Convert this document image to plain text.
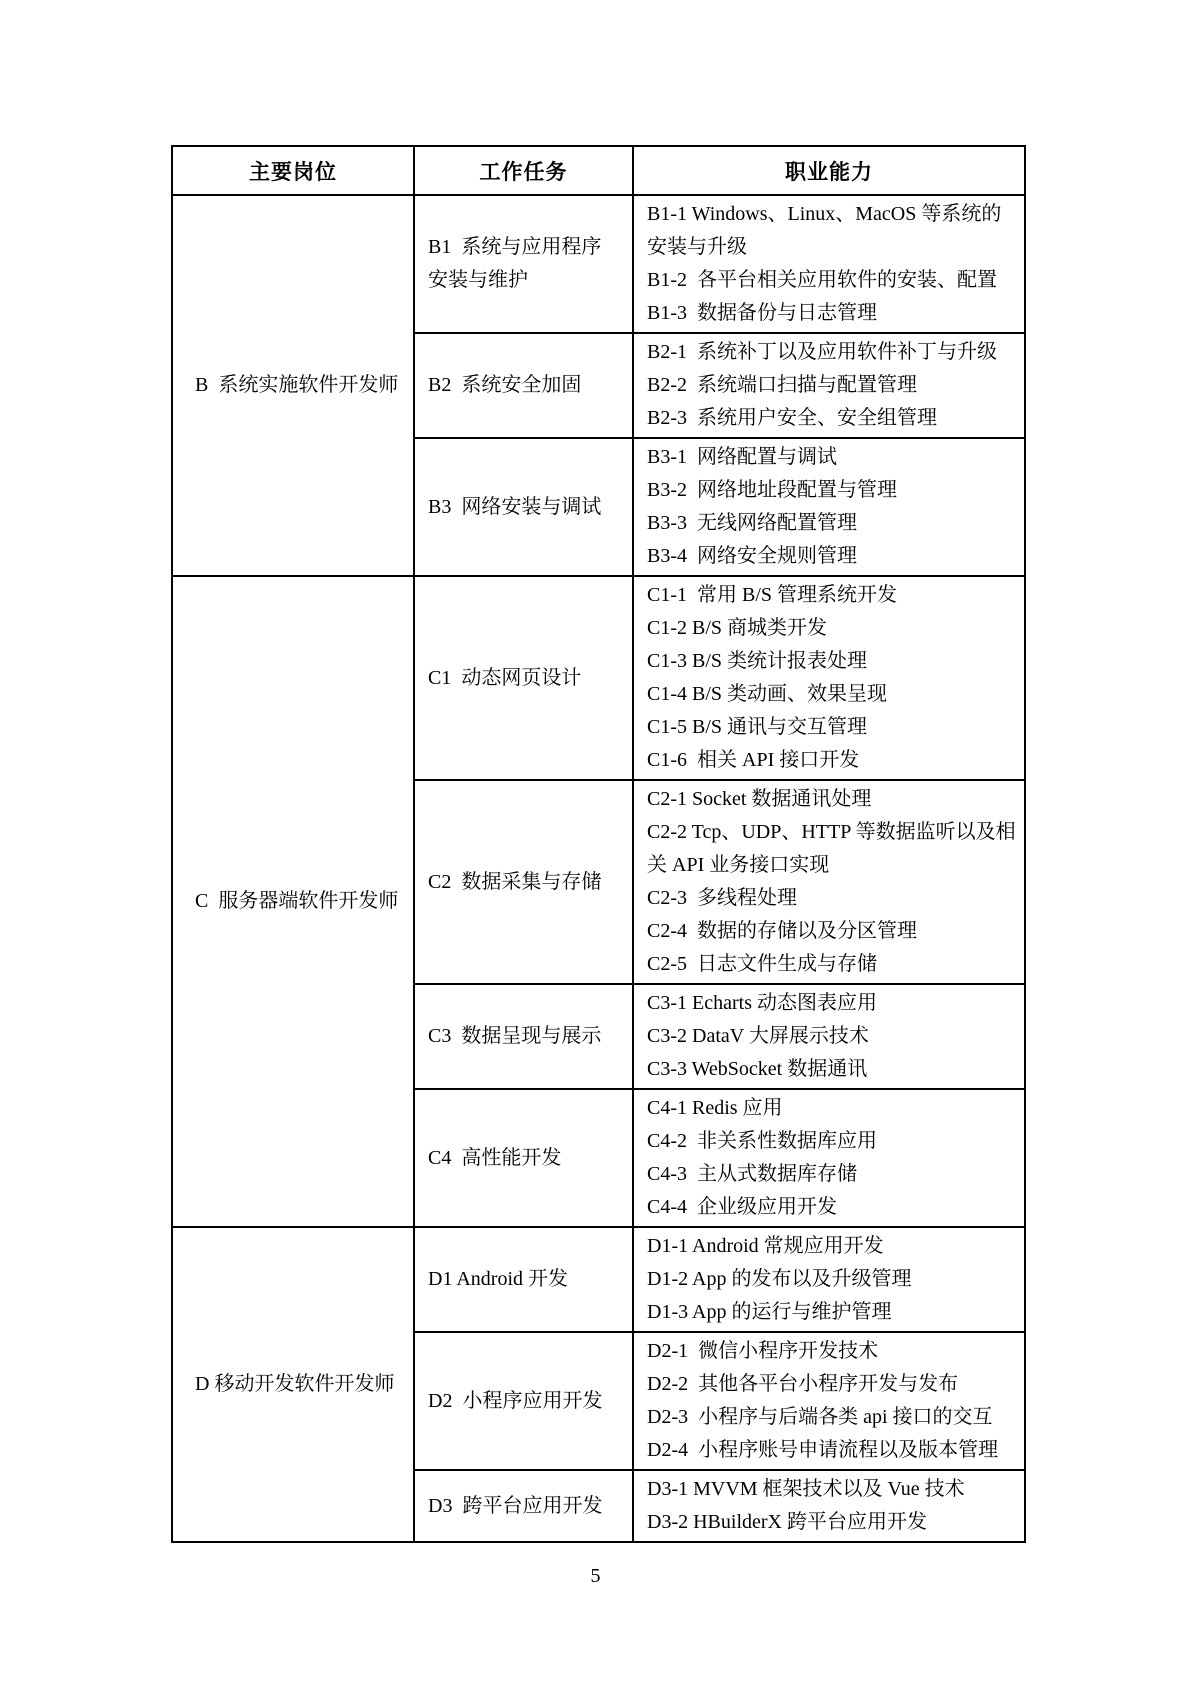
主要岗位	工作任务	职业能力
B  系统实施软件开发师	B1  系统与应用程序安装与维护	B1-1 Windows、Linux、MacOS 等系统的安装与升级
B1-2  各平台相关应用软件的安装、配置
B1-3  数据备份与日志管理

	B2  系统安全加固	B2-1  系统补丁以及应用软件补丁与升级
B2-2  系统端口扫描与配置管理
B2-3  系统用户安全、安全组管理

	B3  网络安装与调试	B3-1  网络配置与调试
B3-2  网络地址段配置与管理
B3-3  无线网络配置管理
B3-4  网络安全规则管理

C  服务器端软件开发师	C1  动态网页设计	
C1-1  常用 B/S 管理系统开发
C1-2 B/S 商城类开发
C1-3 B/S 类统计报表处理
C1-4 B/S 类动画、效果呈现
C1-5 B/S 通讯与交互管理
C1-6  相关 API 接口开发

	C2  数据采集与存储	C2-1 Socket 数据通讯处理
C2-2 Tcp、UDP、HTTP 等数据监听以及相关 API 业务接口实现
C2-3  多线程处理
C2-4  数据的存储以及分区管理
C2-5  日志文件生成与存储

	C3  数据呈现与展示	C3-1 Echarts 动态图表应用
C3-2 DataV 大屏展示技术
C3-3 WebSocket 数据通讯

	C4  高性能开发	C4-1 Redis 应用
C4-2  非关系性数据库应用
C4-3  主从式数据库存储
C4-4  企业级应用开发

D 移动开发软件开发师	D1 Android 开发	D1-1 Android 常规应用开发
D1-2 App 的发布以及升级管理
D1-3 App 的运行与维护管理

	D2  小程序应用开发	D2-1  微信小程序开发技术
D2-2  其他各平台小程序开发与发布
D2-3  小程序与后端各类 api 接口的交互
D2-4  小程序账号申请流程以及版本管理

	D3  跨平台应用开发	D3-1 MVVM 框架技术以及 Vue 技术
D3-2 HBuilderX 跨平台应用开发
5
